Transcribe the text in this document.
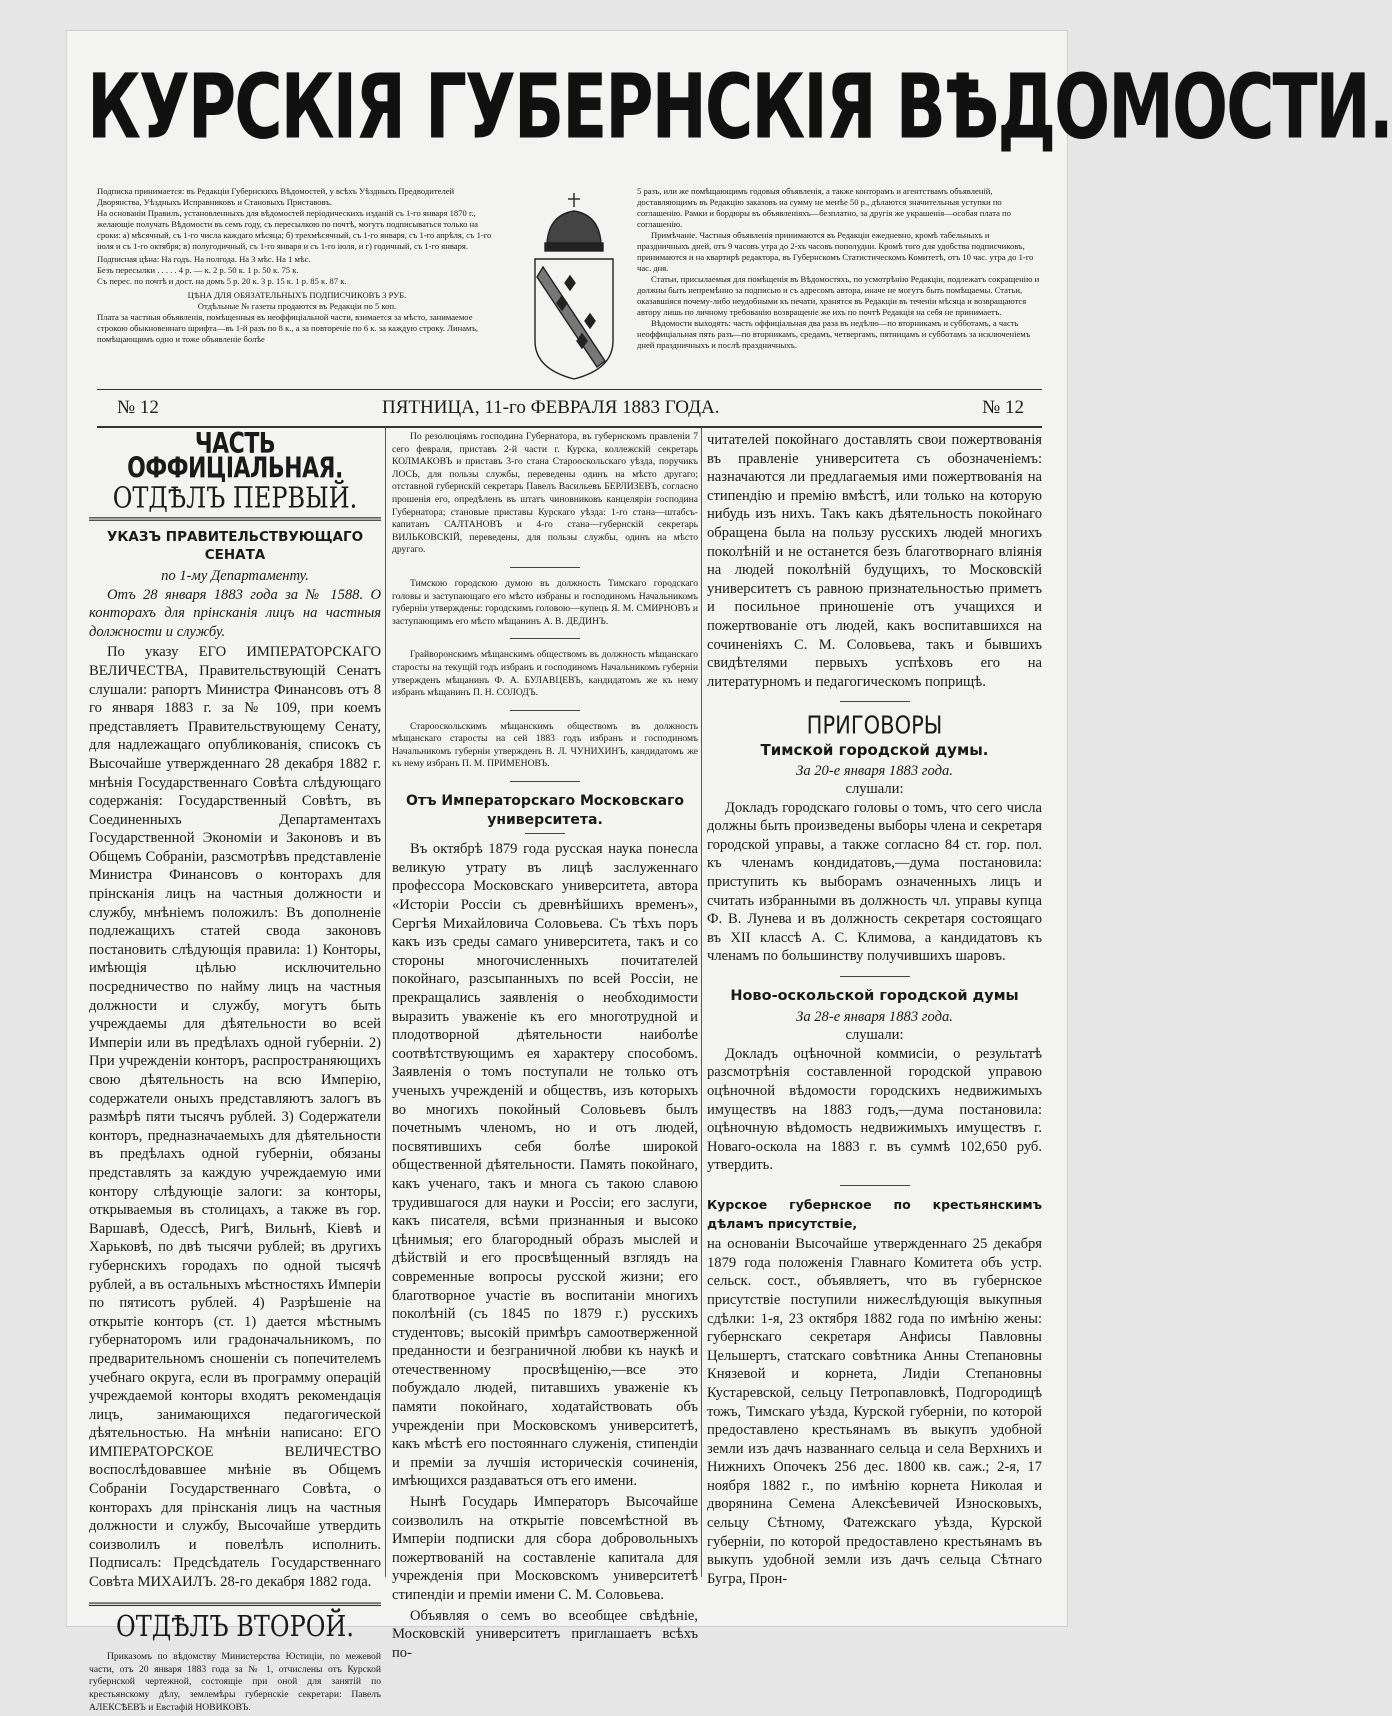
КУРСКІЯ ГУБЕРНСКІЯ ВѢДОМОСТИ.
Подписка принимается: въ Редакціи Губернскихъ Вѣдомостей, у всѣхъ Уѣздныхъ Предводителей Дворянства, Уѣздныхъ Исправниковъ и Становыхъ Приставовъ.
На основаніи Правилъ, установленныхъ для вѣдомостей періодическихъ изданій съ 1-го января 1870 г., желающіе получать Вѣдомости въ семъ году, съ пересылкою по почтѣ, могутъ подписываться только на сроки: а) мѣсячный, съ 1-го числа каждаго мѣсяца; б) трехмѣсячный, съ 1-го января, съ 1-го апрѣля, съ 1-го іюля и съ 1-го октября; в) полугодичный, съ 1-го января и съ 1-го іюля, и г) годичный, съ 1-го января.
Подписная цѣна: На годъ. На полгода. На 3 мѣс. На 1 мѣс.
Безъ пересылки . . . . . 4 р. — к. 2 р. 50 к. 1 р. 50 к. 75 к.
Съ перес. по почтѣ и дост. на домъ 5 р. 20 к. 3 р. 15 к. 1 р. 85 к. 87 к.
ЦѢНА ДЛЯ ОБЯЗАТЕЛЬНЫХЪ ПОДПИСЧИКОВЪ 3 РУБ.
Отдѣльные № газеты продаются въ Редакціи по 5 коп.
Плата за частныя объявленія, помѣщенныя въ неоффиціальной части, взимается за мѣсто, занимаемое строкою обыкновеннаго шрифта—въ 1-й разъ по 8 к., а за повтореніе по 6 к. за каждую строку. Линамъ, помѣщающимъ одно и тоже объявленіе болѣе
5 разъ, или же помѣщающимъ годовыя объявленія, а также конторамъ и агентствамъ объявленій, доставляющимъ въ Редакцію заказовъ на сумму не менѣе 50 р., дѣлаются значительныя уступки по соглашенію. Рамки и бордюры въ объявленіяхъ—безплатно, за другія же украшенія—особая плата по соглашенію.
Примѣчаніе. Частныя объявленія принимаются въ Редакціи ежедневно, кромѣ табельныхъ и праздничныхъ дней, отъ 9 часовъ утра до 2-хъ часовъ пополудни. Кромѣ того для удобства подписчиковъ, принимаются и на квартирѣ редактора, въ Губернскомъ Статистическомъ Комитетѣ, отъ 10 час. утра до 1-го час. дня.
Статьи, присылаемыя для помѣщенія въ Вѣдомостяхъ, по усмотрѣнію Редакціи, подлежатъ сокращенію и должны быть непремѣнно за подписью и съ адресомъ автора, иначе не могутъ быть помѣщаемы. Статьи, оказавшіяся почему-либо неудобными къ печати, хранятся въ Редакціи въ теченіи мѣсяца и возвращаются автору лишь по личному требованію возвращеніе же ихъ по почтѣ Редакція на себя не принимаетъ.
Вѣдомости выходятъ: часть оффиціальная два раза въ недѣлю—по вторникамъ и субботамъ, а часть неоффиціальная пять разъ—по вторникамъ, средамъ, четвергамъ, пятницамъ и субботамъ за исключеніемъ дней праздничныхъ и послѣ праздничныхъ.
№ 12	ПЯТНИЦА, 11-го ФЕВРАЛЯ 1883 ГОДА.	№ 12
ЧАСТЬ ОФФИЦІАЛЬНАЯ.
ОТДѢЛЪ ПЕРВЫЙ.
УКАЗЪ ПРАВИТЕЛЬСТВУЮЩАГО СЕНАТА
по 1-му Департаменту.

Отъ 28 января 1883 года за № 1588. О конторахъ для прінсканія лицъ на частныя должности и службу.

По указу ЕГО ИМПЕРАТОРСКАГО ВЕЛИЧЕСТВА, Правительствующій Сенатъ слушали: рапортъ Министра Финансовъ отъ 8 го января 1883 г. за № 109, при коемъ представляетъ Правительствующему Сенату, для надлежащаго опубликованія, списокъ съ Высочайше утвержденнаго 28 декабря 1882 г. мнѣнія Государственнаго Совѣта слѣдующаго содержанія: Государственный Совѣтъ, въ Соединенныхъ Департаментахъ Государственной Экономіи и Законовъ и въ Общемъ Собраніи, разсмотрѣвъ представленіе Министра Финансовъ о конторахъ для прінсканія лицъ на частныя должности и службу, мнѣніемъ положилъ: Въ дополненіе подлежащихъ статей свода законовъ постановить слѣдующія правила: 1) Конторы, имѣющія цѣлью исключительно посредничество по найму лицъ на частныя должности и службу, могутъ быть учреждаемы для дѣятельности во всей Имперіи или въ предѣлахъ одной губерніи. 2) При учрежденіи конторъ, распространяющихъ свою дѣятельность на всю Имперію, содержатели оныхъ представляютъ залогъ въ размѣрѣ пяти тысячъ рублей. 3) Содержатели конторъ, предназначаемыхъ для дѣятельности въ предѣлахъ одной губерніи, обязаны представлять за каждую учреждаемую ими контору слѣдующіе залоги: за конторы, открываемыя въ столицахъ, а также въ гор. Варшавѣ, Одессѣ, Ригѣ, Вильнѣ, Кіевѣ и Харьковѣ, по двѣ тысячи рублей; въ другихъ губернскихъ городахъ по одной тысячѣ рублей, а въ остальныхъ мѣстностяхъ Имперіи по пятисотъ рублей. 4) Разрѣшеніе на открытіе конторъ (ст. 1) дается мѣстнымъ губернаторомъ или градоначальникомъ, по предварительномъ сношеніи съ попечителемъ учебнаго округа, если въ программу операцій учреждаемой конторы входятъ рекомендація лицъ, занимающихся педагогической дѣятельностью. На мнѣніи написано: ЕГО ИМПЕРАТОРСКОЕ ВЕЛИЧЕСТВО воспослѣдовавшее мнѣніе въ Общемъ Собраніи Государственнаго Совѣта, о конторахъ для прінсканія лицъ на частныя должности и службу, Высочайше утвердить соизволилъ и повелѣлъ исполнить. Подписалъ: Предсѣдатель Государственнаго Совѣта МИХАИЛЪ. 28-го декабря 1882 года.

ОТДѢЛЪ ВТОРОЙ.

Приказомъ по вѣдомству Министерства Юстиціи, по межевой части, отъ 20 января 1883 года за № 1, отчислены отъ Курской губернской чертежной, состоящіе при оной для занятій по крестьянскому дѣлу, землемѣры губернскіе секретари: Павелъ АЛЕКСѢЕВЪ и Евстафій НОВИКОВЪ.

По резолюціямъ господина Губернатора, въ губернскомъ правленіи 7 сего февраля, приставъ 2-й части г. Курска, коллежскій секретарь КОЛМАКОВЪ и приставъ 3-го стана Старооскольскаго уѣзда, поручикъ ЛОСЬ, для пользы службы, переведены одинъ на мѣсто другаго; отставной губернскій секретарь Павелъ Васильевъ БЕРЛИЗЕВЪ, согласно прошенія его, опредѣленъ въ штатъ чиновниковъ канцеляріи господина Губернатора; становые приставы Курскаго уѣзда: 1-го стана—штабсъ-капитанъ САЛТАНОВЪ и 4-го стана—губернскій секретарь ВИЛЬКОВСКІЙ, переведены, для пользы службы, одинъ на мѣсто другаго.

Тимскою городскою думою въ должность Тимскаго городскаго головы и заступающаго его мѣсто избраны и господиномъ Начальникомъ губерніи утверждены: городскимъ головою—купецъ Я. М. СМИРНОВЪ и заступающимъ его мѣсто мѣщанинъ А. В. ДЕДИНЪ.

Грайворонскимъ мѣщанскимъ обществомъ въ должность мѣщанскаго старосты на текущій годъ избранъ и господиномъ Начальникомъ губерніи утвержденъ мѣщанинъ Ф. А. БУЛАВЦЕВЪ, кандидатомъ же къ нему избранъ мѣщанинъ П. Н. СОЛОДЪ.

Старооскольскимъ мѣщанскимъ обществомъ въ должность мѣщанскаго старосты на сей 1883 годъ избранъ и господиномъ Начальникомъ губерніи утвержденъ В. Л. ЧУНИХИНЪ, кандидатомъ же къ нему избранъ П. М. ПРИМЕНОВЪ.

Отъ Императорскаго Московскаго университета.

Въ октябрѣ 1879 года русская наука понесла великую утрату въ лицѣ заслуженнаго профессора Московскаго университета, автора «Исторіи Россіи съ древнѣйшихъ временъ», Сергѣя Михайловича Соловьева. Съ тѣхъ поръ какъ изъ среды самаго университета, такъ и со стороны многочисленныхъ почитателей покойнаго, разсыпанныхъ по всей Россіи, не прекращались заявленія о необходимости выразить уваженіе къ его многотрудной и плодотворной дѣятельности наиболѣе соотвѣтствующимъ ея характеру способомъ. Заявленія о томъ поступали не только отъ ученыхъ учрежденій и обществъ, изъ которыхъ во многихъ покойный Соловьевъ былъ почетнымъ членомъ, но и отъ людей, посвятившихъ себя болѣе широкой общественной дѣятельности. Память покойнаго, какъ ученаго, такъ и многа съ такою славою трудившагося для науки и Россіи; его заслуги, какъ писателя, всѣми признанныя и высоко цѣнимыя; его благородный образъ мыслей и дѣйствій и его просвѣщенный взглядъ на современные вопросы русской жизни; его благотворное участіе въ воспитаніи многихъ поколѣній (съ 1845 по 1879 г.) русскихъ студентовъ; высокій примѣръ самоотверженной преданности и безграничной любви къ наукѣ и отечественному просвѣщенію,—все это побуждало людей, питавшихъ уваженіе къ памяти покойнаго, ходатайствовать объ учрежденіи при Московскомъ университетѣ, какъ мѣстѣ его постояннаго служенія, стипендіи и преміи за лучшія историческія сочиненія, имѣющихся раздаваться отъ его имени.

Нынѣ Государь Императоръ Высочайше соизволилъ на открытіе повсемѣстной въ Имперіи подписки для сбора добровольныхъ пожертвованій на составленіе капитала для учрежденія при Московскомъ университетѣ стипендіи и преміи имени С. М. Соловьева.

Объявляя о семъ во всеобщее свѣдѣніе, Московскій университетъ приглашаетъ всѣхъ по-

читателей покойнаго доставлять свои пожертвованія въ правленіе университета съ обозначеніемъ: назначаются ли предлагаемыя ими пожертвованія на стипендію и премію вмѣстѣ, или только на которую нибудь изъ нихъ. Такъ какъ дѣятельность покойнаго обращена была на пользу русскихъ людей многихъ поколѣній и не останется безъ благотворнаго вліянія на людей поколѣній будущихъ, то Московскій университетъ съ равною признательностью приметъ и посильное приношеніе отъ учащихся и пожертвованіе отъ людей, какъ воспитавшихся на сочиненіяхъ С. М. Соловьева, такъ и бывшихъ свидѣтелями первыхъ успѣховъ его на литературномъ и педагогическомъ поприщѣ.

ПРИГОВОРЫ
Тимской городской думы.
За 20-е января 1883 года.
слушали:

Докладъ городскаго головы о томъ, что сего числа должны быть произведены выборы члена и секретаря городской управы, а также согласно 84 ст. гор. пол. къ членамъ кондидатовъ,—дума постановила: приступить къ выборамъ означенныхъ лицъ и считать избранными въ должность чл. управы купца Ф. В. Лунева и въ должность секретаря состоящаго въ XII классѣ А. С. Климова, а кандидатовъ къ членамъ по большинству получившихъ шаровъ.

Ново-оскольской городской думы
За 28-е января 1883 года.
слушали:

Докладъ оцѣночной коммисіи, о результатѣ разсмотрѣнія составленной городской управою оцѣночной вѣдомости городскихъ недвижимыхъ имуществъ на 1883 годъ,—дума постановила: оцѣночную вѣдомость недвижимыхъ имуществъ г. Новаго-оскола на 1883 г. въ суммѣ 102,650 руб. утвердить.

Курское губернское по крестьянскимъ дѣламъ присутствіе,

на основаніи Высочайше утвержденнаго 25 декабря 1879 года положенія Главнаго Комитета объ устр. сельск. сост., объявляетъ, что въ губернское присутствіе поступили нижеслѣдующія выкупныя сдѣлки: 1-я, 23 октября 1882 года по имѣнію жены: губернскаго секретаря Анфисы Павловны Цельшертъ, статскаго совѣтника Анны Степановны Князевой и корнета, Лидіи Степановны Кустаревской, сельцу Петропавловкѣ, Подгородищѣ тожъ, Тимскаго уѣзда, Курской губерніи, по которой предоставлено крестьянамъ въ выкупъ удобной земли изъ дачъ названнаго сельца и села Верхнихъ и Нижнихъ Опочекъ 256 дес. 1800 кв. саж.; 2-я, 17 ноября 1882 г., по имѣнію корнета Николая и дворянина Семена Алексѣевичей Износковыхъ, сельцу Сѣтному, Фатежскаго уѣзда, Курской губерніи, по которой предоставлено крестьянамъ въ выкупъ удобной земли изъ дачъ сельца Сѣтнаго Бугра, Прон-
